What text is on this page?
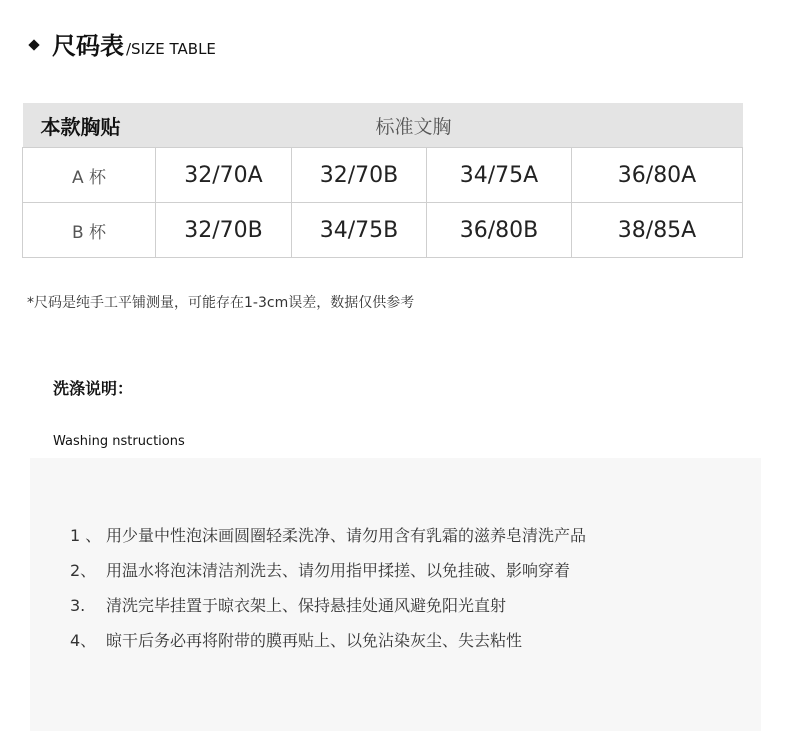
尺码表 /SIZE TABLE
本款胸贴	标准文胸			
A 杯	32/70A	32/70B	34/75A	36/80A
B 杯	32/70B	34/75B	36/80B	38/85A
*尺码是纯手工平铺测量，可能存在1-3cm误差，数据仅供参考
洗涤说明：
Washing nstructions
1 、 用少量中性泡沫画圆圈轻柔洗净、请勿用含有乳霜的滋养皂清洗产品
2、 用温水将泡沫清洁剂洗去、请勿用指甲揉搓、以免挂破、影响穿着
3.	清洗完毕挂置于晾衣架上、保持悬挂处通风避免阳光直射
4、 晾干后务必再将附带的膜再贴上、以免沾染灰尘、失去粘性
